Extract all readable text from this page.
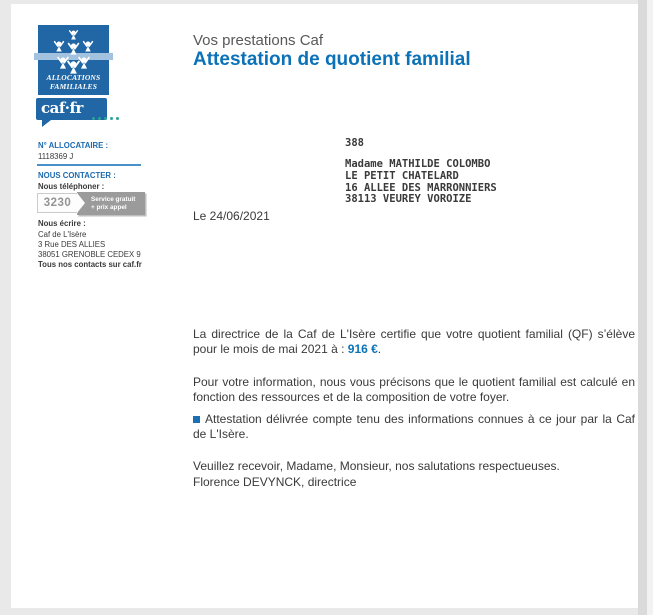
ALLOCATIONS
FAMILIALES
caf·fr
N° ALLOCATAIRE :
1118369 J
NOUS CONTACTER :
Nous téléphoner :
Service gratuit
+ prix appel
3230
Nous écrire :
Caf de L'Isère
3 Rue DES ALLIES
38051 GRENOBLE CEDEX 9
Tous nos contacts sur caf.fr
Vos prestations Caf
Attestation de quotient familial
388
Madame MATHILDE COLOMBO
LE PETIT CHATELARD
16 ALLEE DES MARRONNIERS
38113 VEUREY VOROIZE
Le 24/06/2021

La directrice de la Caf de L'Isère certifie que votre quotient familial (QF) s’élève pour le mois de mai 2021 à : 916 €.

Pour votre information, nous vous précisons que le quotient familial est calculé en fonction des ressources et de la composition de votre foyer.

Attestation délivrée compte tenu des informations connues à ce jour par la Caf de L'Isère.

Veuillez recevoir, Madame, Monsieur, nos salutations respectueuses.
Florence DEVYNCK, directrice
